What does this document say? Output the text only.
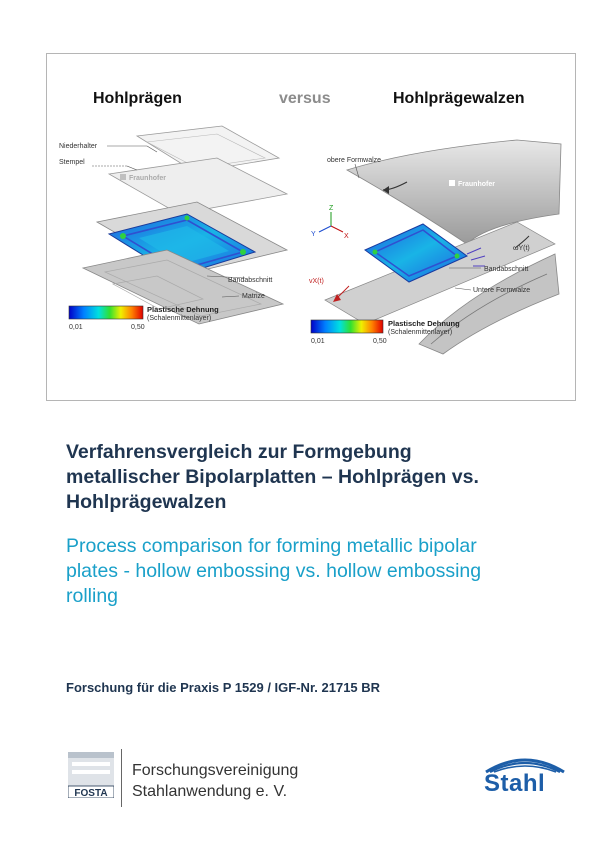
Hohlprägen	versus	Hohlprägewalzen
Fraunhofer
Niederhalter
Stempel
Bandabschnitt
Matrize
0,01	0,50
Plastische Dehnung
(Schalenmittenlayer)
Fraunhofer
Z
X
Y
obere Formwalze
ωY(t)
vX(t)
Bandabschnitt
Untere Formwalze
0,01	0,50
Plastische Dehnung
(Schalenmittenlayer)
Verfahrensvergleich zur Formgebung
metallischer Bipolarplatten – Hohlprägen vs.
Hohlprägewalzen
Process comparison for forming metallic bipolar
plates - hollow embossing vs. hollow embossing
rolling
Forschung für die Praxis P 1529 / IGF-Nr. 21715 BR
FOSTA
Forschungsvereinigung
Stahlanwendung e. V.	Stahl
